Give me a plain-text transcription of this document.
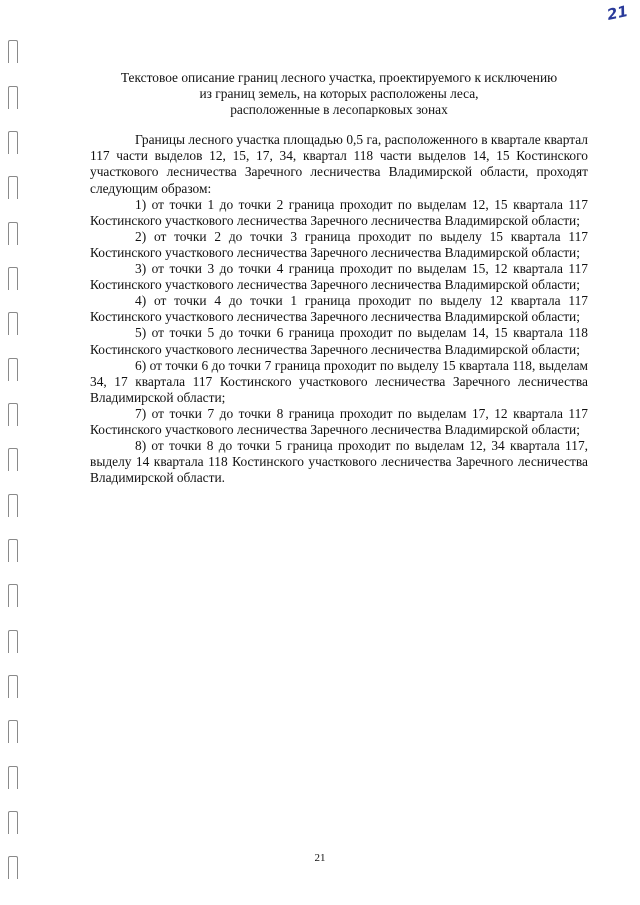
21
Текстовое описание границ лесного участка, проектируемого к исключению
из границ земель, на которых расположены леса,
расположенные в лесопарковых зонах

Границы лесного участка площадью 0,5 га, расположенного в квартале квартал 117 части выделов 12, 15, 17, 34, квартал 118 части выделов 14, 15 Костинского участкового лесничества Заречного лесничества Владимирской области, проходят следующим образом:

1) от точки 1 до точки 2 граница проходит по выделам 12, 15 квартала 117 Костинского участкового лесничества Заречного лесничества Владимирской области;

2) от точки 2 до точки 3 граница проходит по выделу 15 квартала 117 Костинского участкового лесничества Заречного лесничества Владимирской области;

3) от точки 3 до точки 4 граница проходит по выделам 15, 12 квартала 117 Костинского участкового лесничества Заречного лесничества Владимирской области;

4) от точки 4 до точки 1 граница проходит по выделу 12 квартала 117 Костинского участкового лесничества Заречного лесничества Владимирской области;

5) от точки 5 до точки 6 граница проходит по выделам 14, 15 квартала 118 Костинского участкового лесничества Заречного лесничества Владимирской области;

6) от точки 6 до точки 7 граница проходит по выделу 15 квартала 118, выделам 34, 17 квартала 117 Костинского участкового лесничества Заречного лесничества Владимирской области;

7) от точки 7 до точки 8 граница проходит по выделам 17, 12 квартала 117 Костинского участкового лесничества Заречного лесничества Владимирской области;

8) от точки 8 до точки 5 граница проходит по выделам 12, 34 квартала 117, выделу 14 квартала 118 Костинского участкового лесничества Заречного лесничества Владимирской области.

21
